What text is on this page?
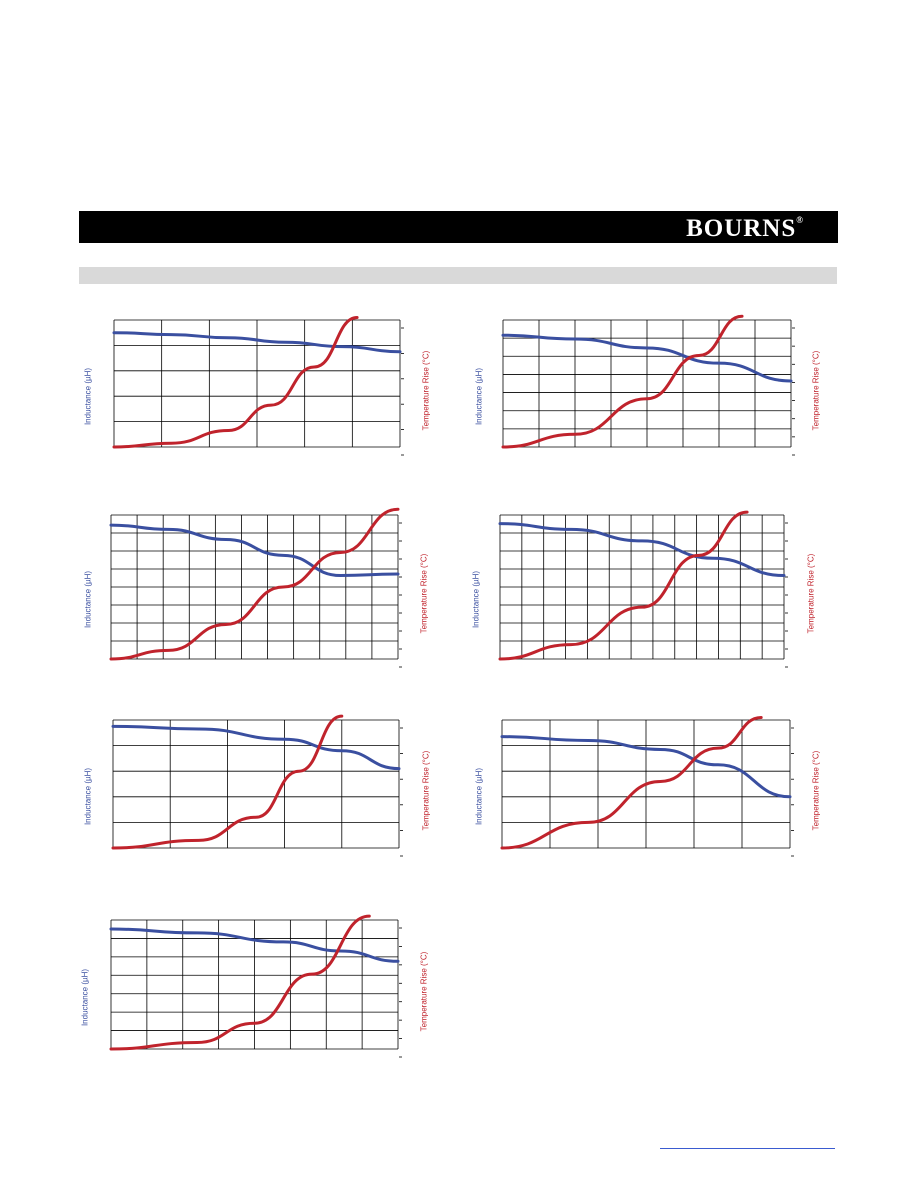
BOURNS®
Inductance (µH)	Temperature Rise (°C)	Inductance (µH)	Temperature Rise (°C)
Inductance (µH)	Temperature Rise (°C)	Inductance (µH)	Temperature Rise (°C)
Inductance (µH)	Temperature Rise (°C)	Inductance (µH)	Temperature Rise (°C)
Inductance (µH)	Temperature Rise (°C)
